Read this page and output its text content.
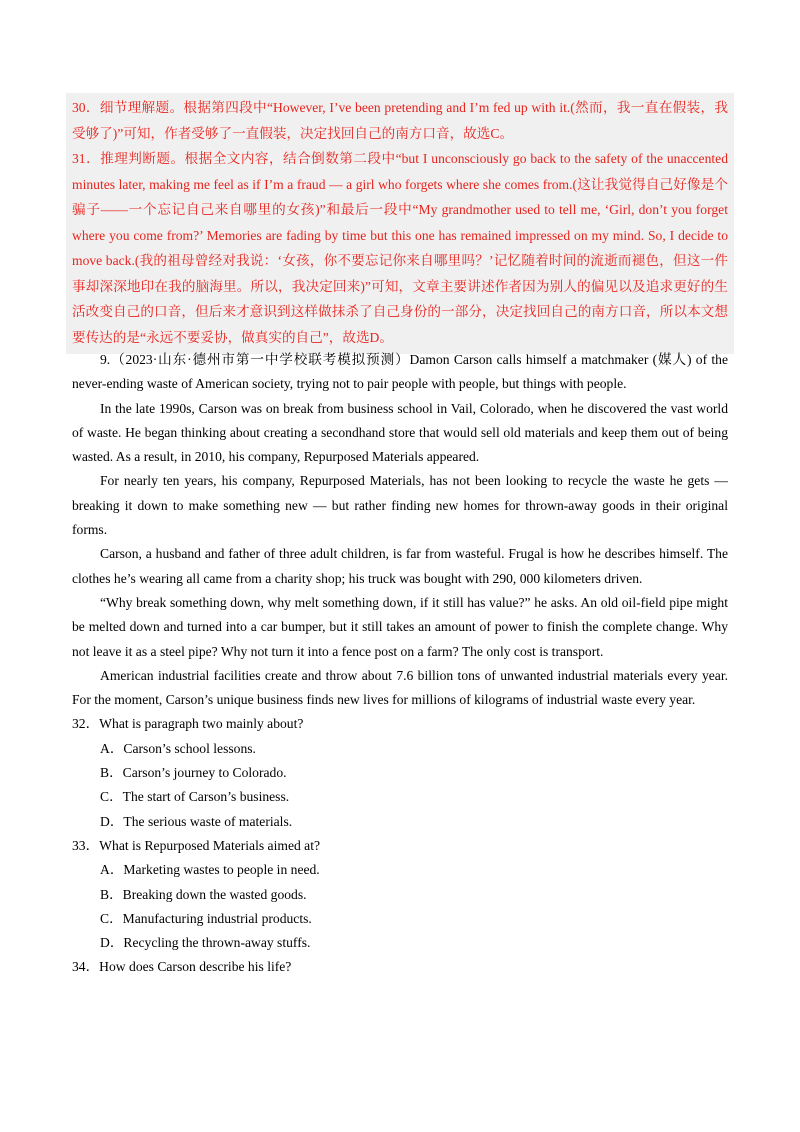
30．细节理解题。根据第四段中“However, I’ve been pretending and I’m fed up with it.(然而，我一直在假装，我受够了)”可知，作者受够了一直假装，决定找回自己的南方口音，故选C。

31．推理判断题。根据全文内容，结合倒数第二段中“but I unconsciously go back to the safety of the unaccented minutes later, making me feel as if I’m a fraud — a girl who forgets where she comes from.(这让我觉得自己好像是个骗子——一个忘记自己来自哪里的女孩)”和最后一段中“My grandmother used to tell me, ‘Girl, don’t you forget where you come from?’ Memories are fading by time but this one has remained impressed on my mind. So, I decide to move back.(我的祖母曾经对我说：‘女孩，你不要忘记你来自哪里吗？’记忆随着时间的流逝而褪色，但这一件事却深深地印在我的脑海里。所以，我决定回来)”可知，文章主要讲述作者因为别人的偏见以及追求更好的生活改变自己的口音，但后来才意识到这样做抹杀了自己身份的一部分，决定找回自己的南方口音，所以本文想要传达的是“永远不要妥协，做真实的自己”，故选D。

9.（2023·山东·德州市第一中学校联考模拟预测）Damon Carson calls himself a matchmaker (媒人) of the never-ending waste of American society, trying not to pair people with people, but things with people.

In the late 1990s, Carson was on break from business school in Vail, Colorado, when he discovered the vast world of waste. He began thinking about creating a secondhand store that would sell old materials and keep them out of being wasted. As a result, in 2010, his company, Repurposed Materials appeared.

For nearly ten years, his company, Repurposed Materials, has not been looking to recycle the waste he gets — breaking it down to make something new — but rather finding new homes for thrown-away goods in their original forms.

Carson, a husband and father of three adult children, is far from wasteful. Frugal is how he describes himself. The clothes he’s wearing all came from a charity shop; his truck was bought with 290, 000 kilometers driven.

“Why break something down, why melt something down, if it still has value?” he asks. An old oil-field pipe might be melted down and turned into a car bumper, but it still takes an amount of power to finish the complete change. Why not leave it as a steel pipe? Why not turn it into a fence post on a farm? The only cost is transport.

American industrial facilities create and throw about 7.6 billion tons of unwanted industrial materials every year. For the moment, Carson’s unique business finds new lives for millions of kilograms of industrial waste every year.

32．What is paragraph two mainly about?

A．Carson’s school lessons.

B．Carson’s journey to Colorado.

C．The start of Carson’s business.

D．The serious waste of materials.

33．What is Repurposed Materials aimed at?

A．Marketing wastes to people in need.

B．Breaking down the wasted goods.

C．Manufacturing industrial products.

D．Recycling the thrown-away stuffs.

34．How does Carson describe his life?
